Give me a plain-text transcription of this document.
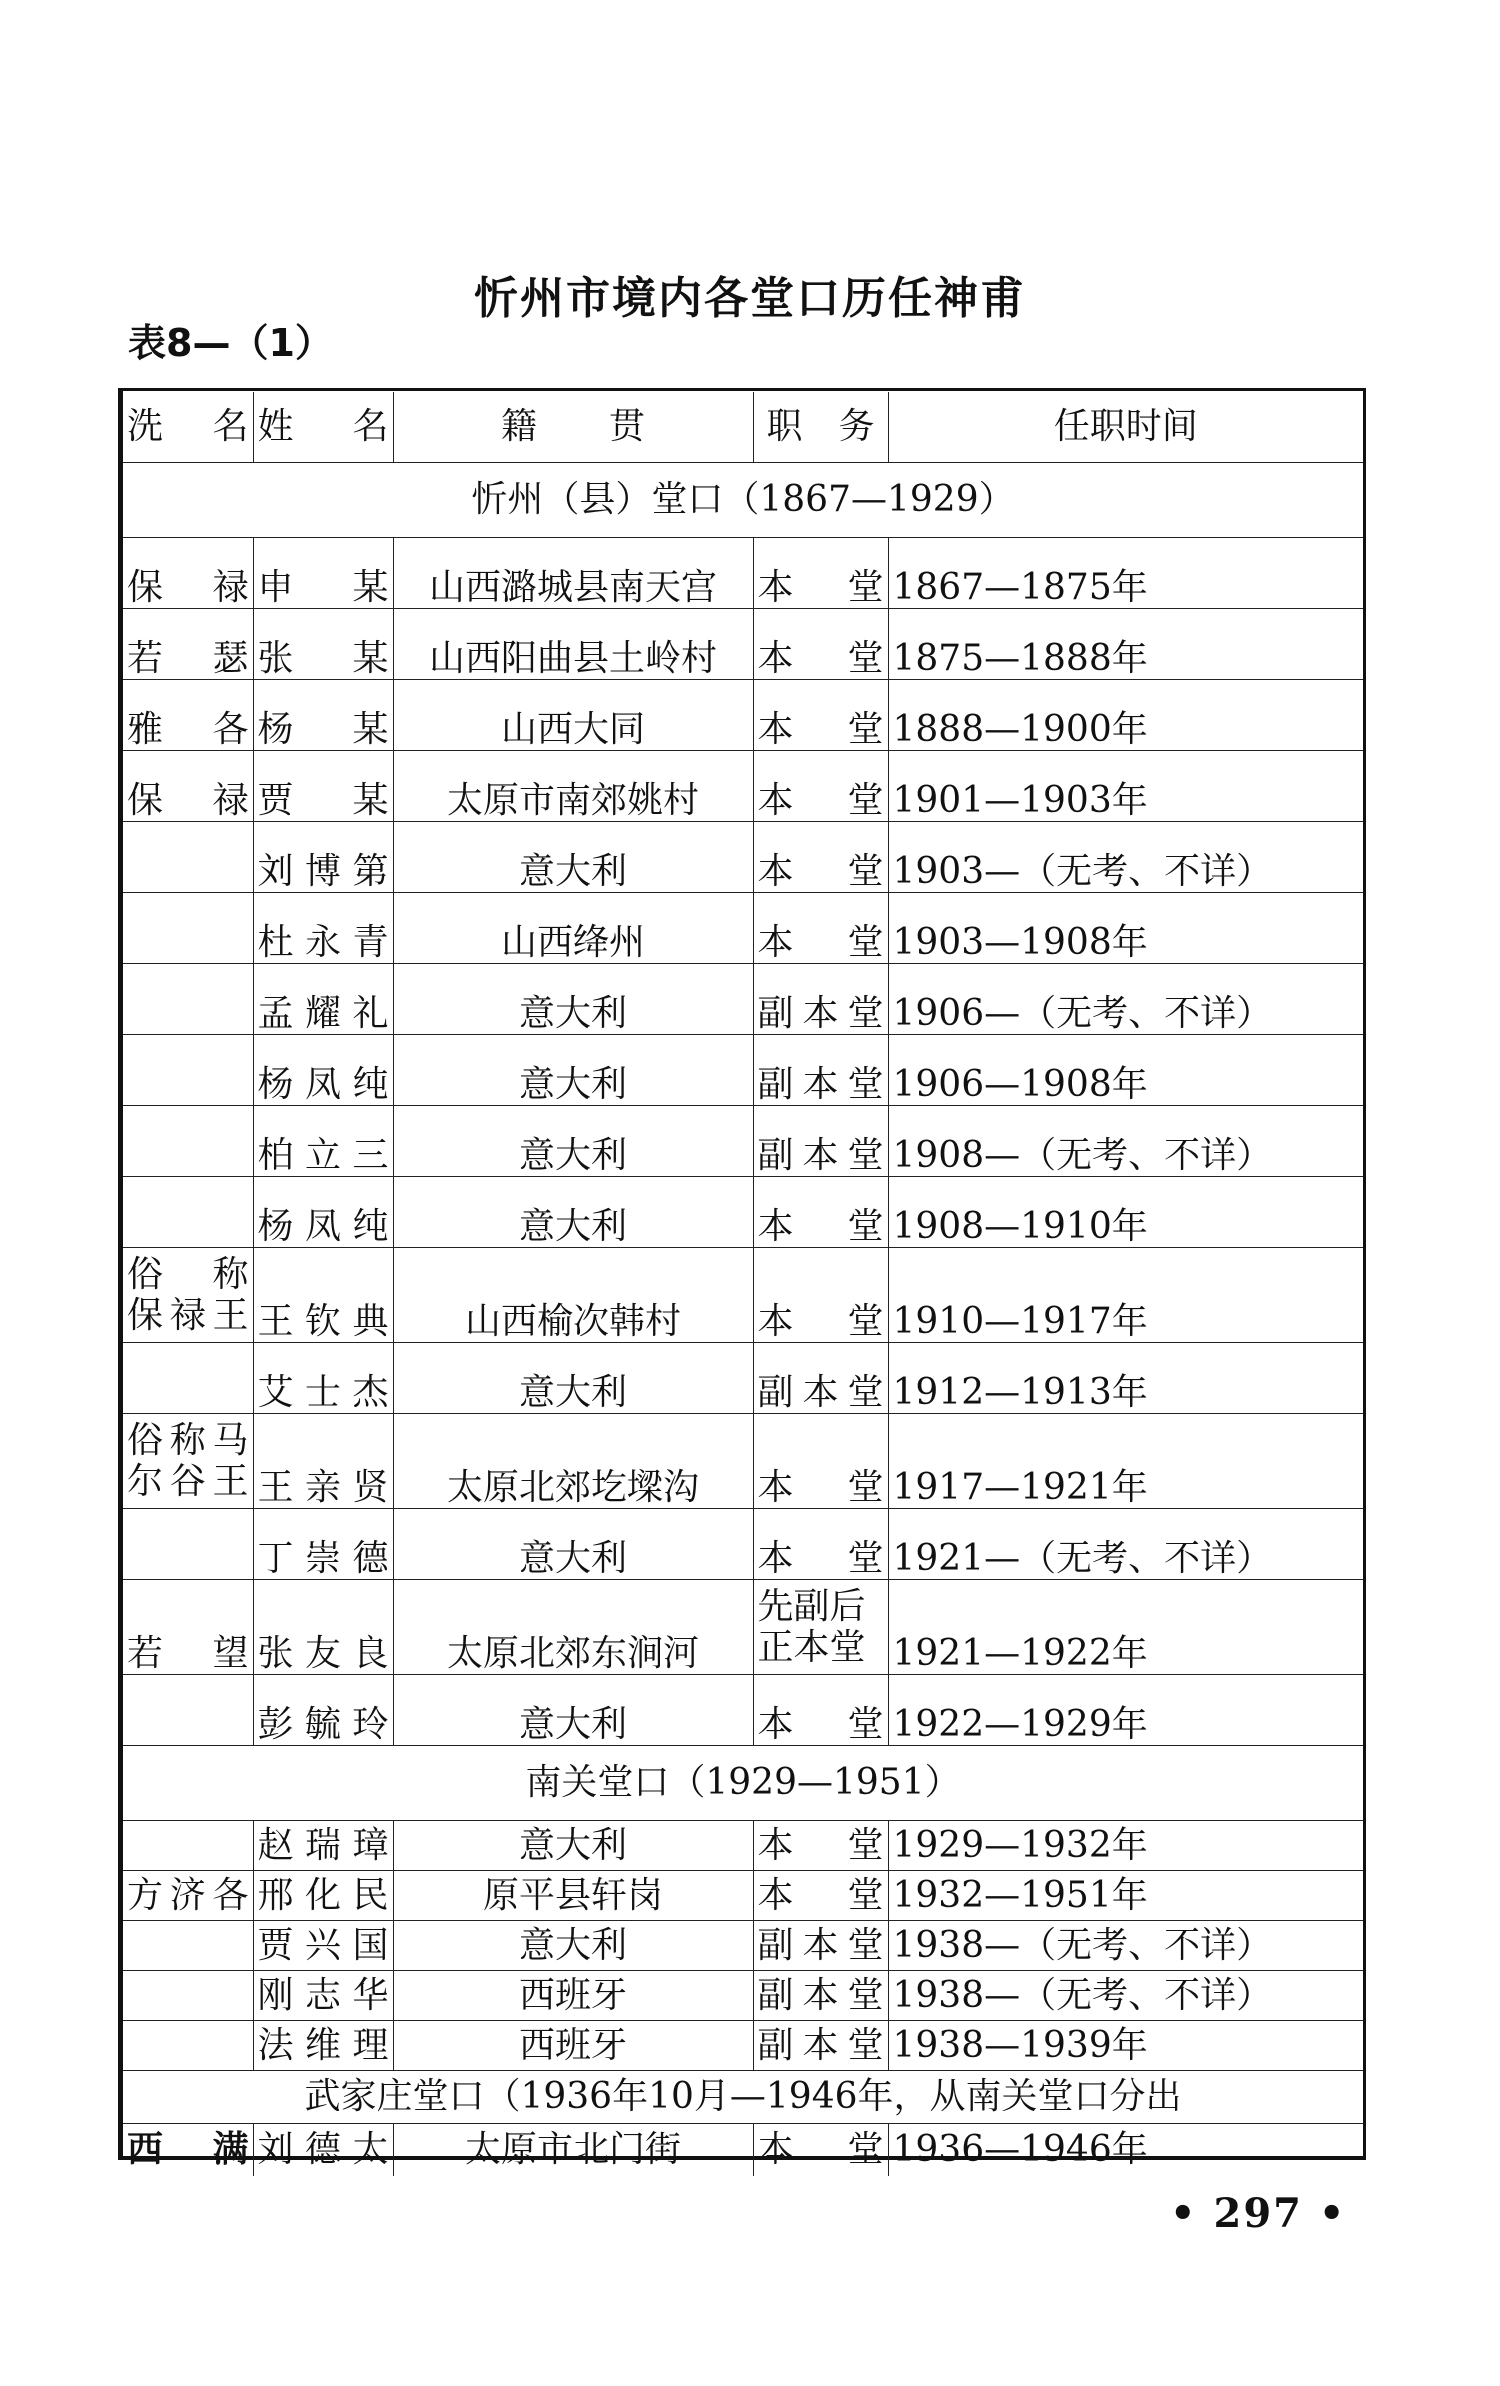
忻州市境内各堂口历任神甫
表8—（1）
洗　名	姓　名	籍　　贯	职　务	任职时间
忻州（县）堂口（1867—1929）				
保禄	申某	山西潞城县南天宫	本堂	1867—1875年
若瑟	张某	山西阳曲县土岭村	本堂	1875—1888年
雅各	杨某	山西大同	本堂	1888—1900年
保禄	贾某	太原市南郊姚村	本堂	1901—1903年
	刘博第	意大利	本堂	1903—（无考、不详）
	杜永青	山西绛州	本堂	1903—1908年
	孟耀礼	意大利	副本堂	1906—（无考、不详）
	杨凤纯	意大利	副本堂	1906—1908年
	柏立三	意大利	副本堂	1908—（无考、不详）
	杨凤纯	意大利	本堂	1908—1910年

俗　称
保禄王	王钦典	山西榆次韩村	本堂	1910—1917年
	艾士杰	意大利	副本堂	1912—1913年

俗称马
尔谷王	王亲贤	太原北郊圪墚沟	本堂	1917—1921年
	丁崇德	意大利	本堂	1921—（无考、不详）
若望	张友良	太原北郊东涧河	先副后
正本堂	1921—1922年
	彭毓玲	意大利	本堂	1922—1929年
南关堂口（1929—1951）				
	赵瑞璋	意大利	本堂	1929—1932年
方济各	邢化民	原平县轩岗	本堂	1932—1951年
	贾兴国	意大利	副本堂	1938—（无考、不详）
	刚志华	西班牙	副本堂	1938—（无考、不详）
	法维理	西班牙	副本堂	1938—1939年
武家庄堂口（1936年10月—1946年，从南关堂口分出				
西满	刘德太	太原市北门街	本堂	1936—1946年
• 297 •
